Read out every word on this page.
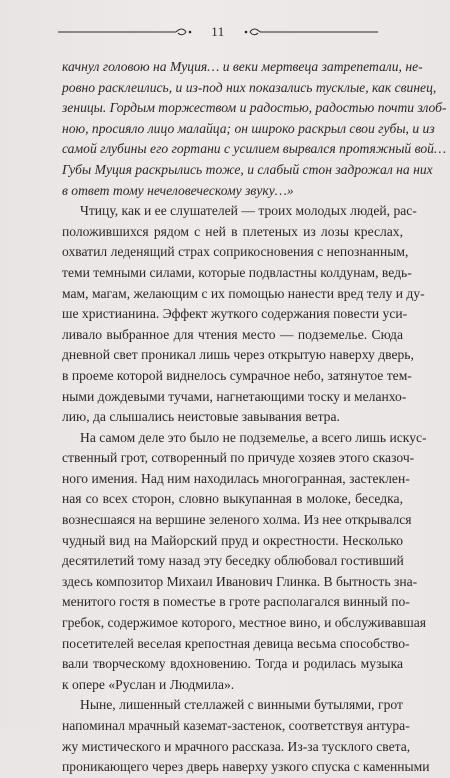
11
качнул головою на Муция… и веки мертвеца затрепетали, не-
ровно расклеились, и из-под них показались тусклые, как свинец,
зеницы. Гордым торжеством и радостью, радостью почти злоб-
ною, просияло лицо малайца; он широко раскрыл свои губы, и из
самой глубины его гортани с усилием вырвался протяжный вой…
Губы Муция раскрылись тоже, и слабый стон задрожал на них
в ответ тому нечеловеческому звуку…»
Чтицу, как и ее слушателей — троих молодых людей, рас-
положившихся рядом с ней в плетеных из лозы креслах,
охватил леденящий страх соприкосновения с непознанным,
теми темными силами, которые подвластны колдунам, ведь-
мам, магам, желающим с их помощью нанести вред телу и ду-
ше христианина. Эффект жуткого содержания повести уси-
ливало выбранное для чтения место — подземелье. Сюда
дневной свет проникал лишь через открытую наверху дверь,
в проеме которой виднелось сумрачное небо, затянутое тем-
ными дождевыми тучами, нагнетающими тоску и меланхо-
лию, да слышались неистовые завывания ветра.
На самом деле это было не подземелье, а всего лишь искус-
ственный грот, сотворенный по причуде хозяев этого сказоч-
ного имения. Над ним находилась многогранная, застеклен-
ная со всех сторон, словно выкупанная в молоке, беседка,
вознесшаяся на вершине зеленого холма. Из нее открывался
чудный вид на Майорский пруд и окрестности. Несколько
десятилетий тому назад эту беседку облюбовал гостивший
здесь композитор Михаил Иванович Глинка. В бытность зна-
менитого гостя в поместье в гроте располагался винный по-
гребок, содержимое которого, местное вино, и обслуживавшая
посетителей веселая крепостная девица весьма способство-
вали творческому вдохновению. Тогда и родилась музыка
к опере «Руслан и Людмила».
Ныне, лишенный стеллажей с винными бутылями, грот
напоминал мрачный каземат-застенок, соответствуя антура-
жу мистического и мрачного рассказа. Из-за тусклого света,
проникающего через дверь наверху узкого спуска с каменными
